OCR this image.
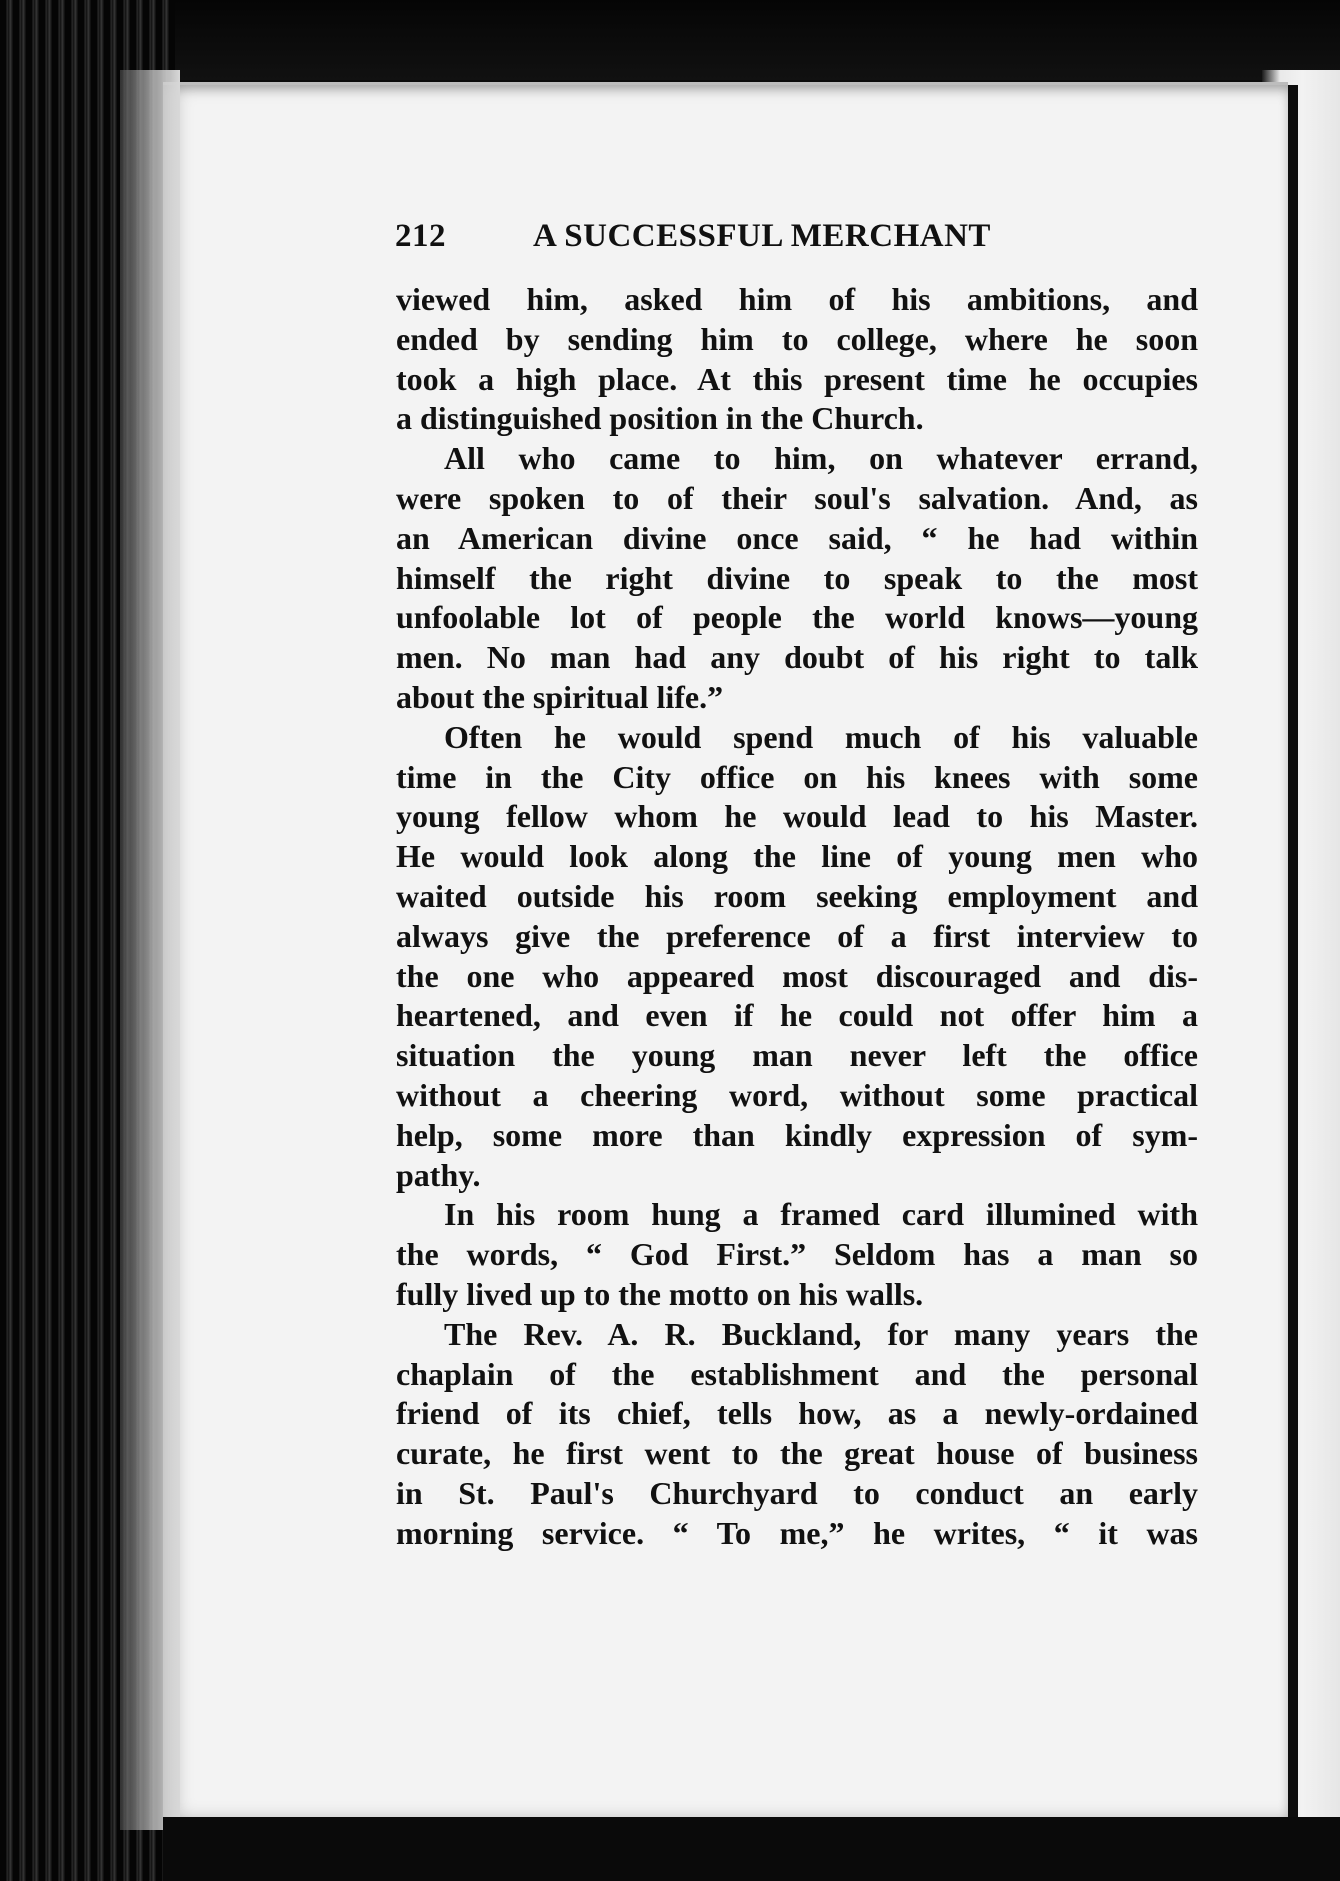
212	A SUCCESSFUL MERCHANT
viewed him, asked him of his ambitions, and
ended by sending him to college, where he soon
took a high place. At this present time he occupies
a distinguished position in the Church.
All who came to him, on whatever errand,
were spoken to of their soul's salvation. And, as
an American divine once said, “ he had within
himself the right divine to speak to the most
unfoolable lot of people the world knows—young
men. No man had any doubt of his right to talk
about the spiritual life.”
Often he would spend much of his valuable
time in the City office on his knees with some
young fellow whom he would lead to his Master.
He would look along the line of young men who
waited outside his room seeking employment and
always give the preference of a first interview to
the one who appeared most discouraged and dis-
heartened, and even if he could not offer him a
situation the young man never left the office
without a cheering word, without some practical
help, some more than kindly expression of sym-
pathy.
In his room hung a framed card illumined with
the words, “ God First.” Seldom has a man so
fully lived up to the motto on his walls.
The Rev. A. R. Buckland, for many years the
chaplain of the establishment and the personal
friend of its chief, tells how, as a newly-ordained
curate, he first went to the great house of business
in St. Paul's Churchyard to conduct an early
morning service. “ To me,” he writes, “ it was
